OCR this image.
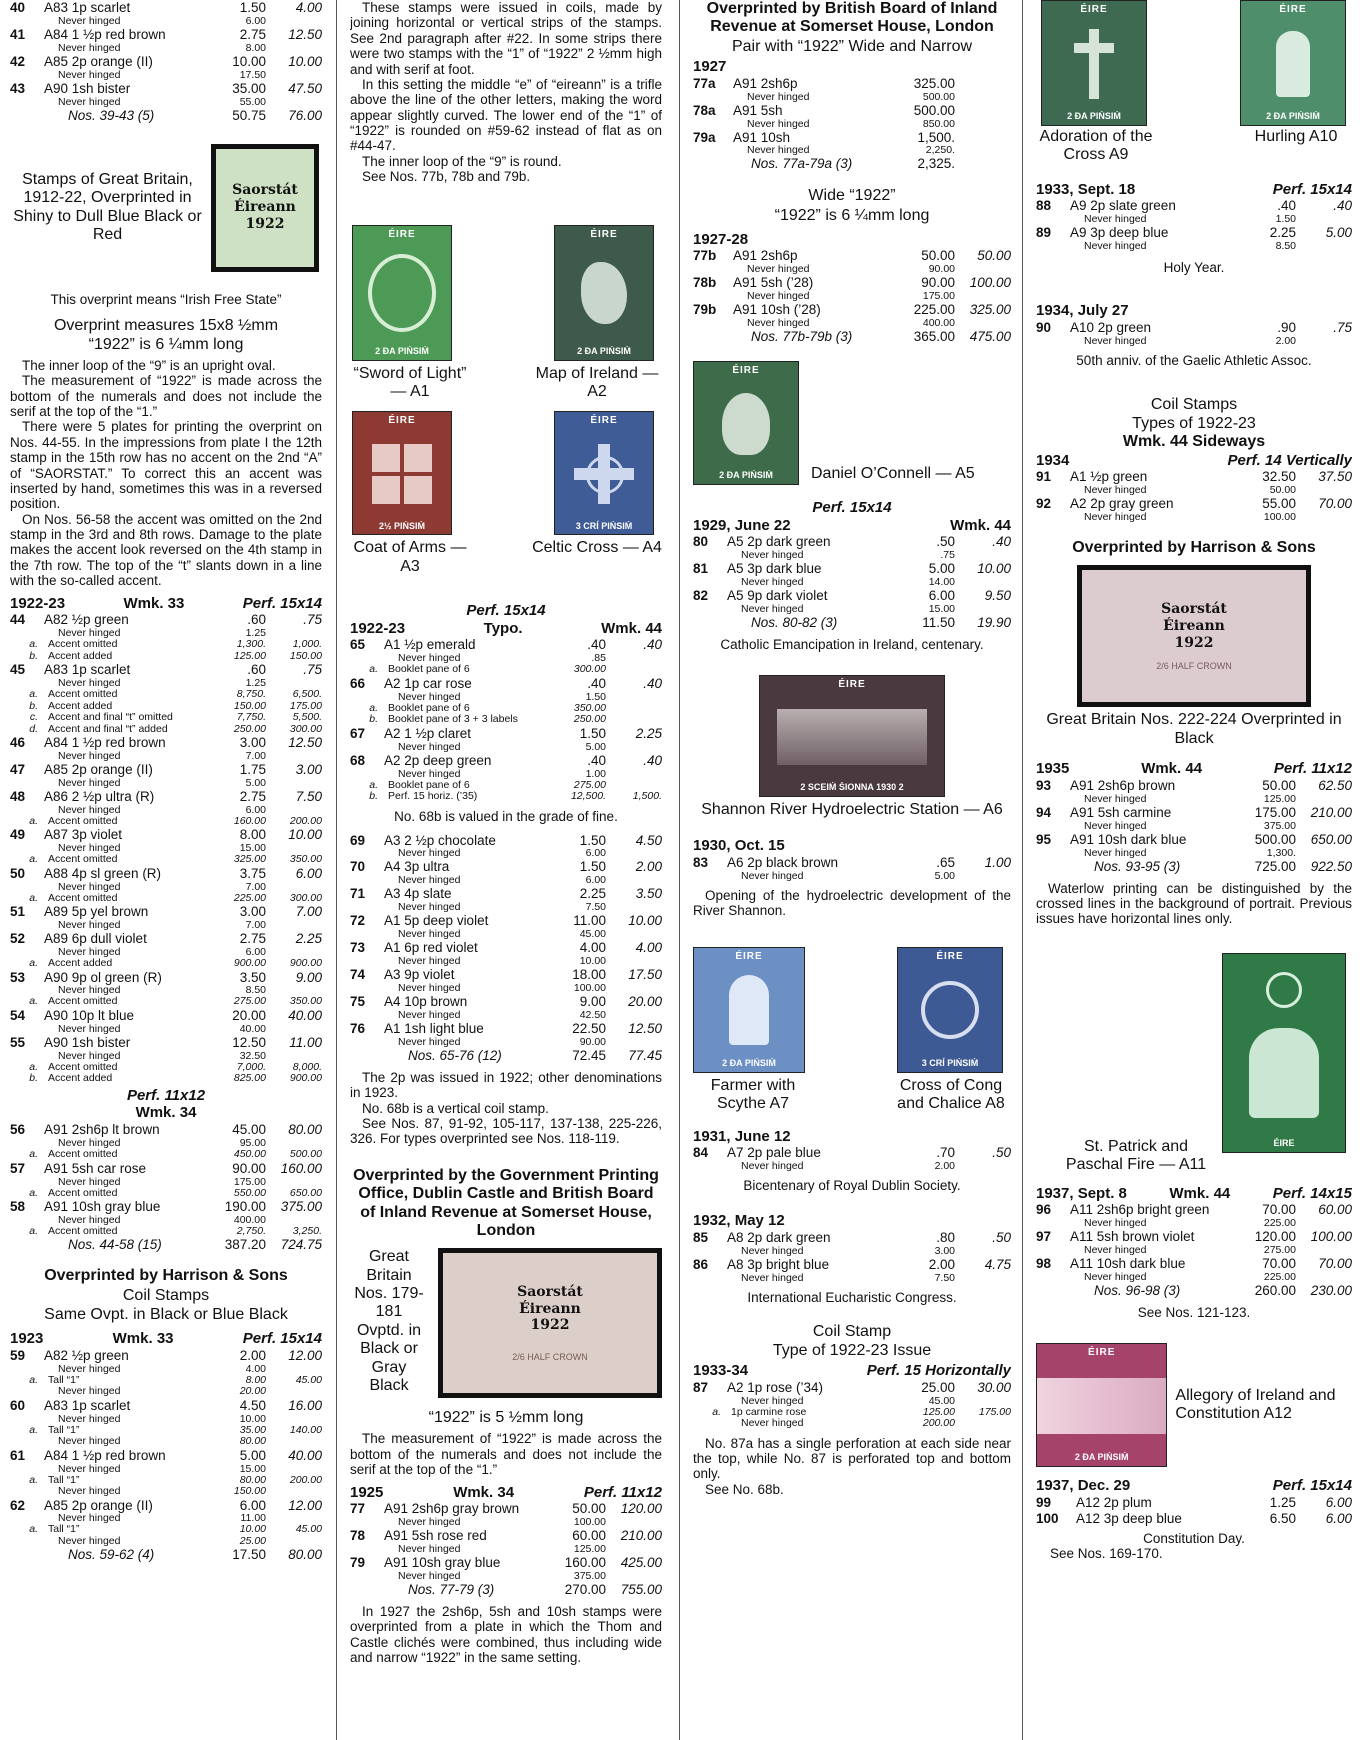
40	A83 1p scarlet	1.50	4.00
	Never hinged	6.00	
41	A84 1 ½p red brown	2.75	12.50
	Never hinged	8.00	
42	A85 2p orange (II)	10.00	10.00
	Never hinged	17.50	
43	A90 1sh bister	35.00	47.50
	Never hinged	55.00	
	Nos. 39-43 (5)	50.75	76.00
Stamps of Great Britain, 1912-22, Overprinted in Shiny to Dull Blue Black or Red
Saorstát
Éireann
1922
This overprint means “Irish Free State”
Overprint measures 15x8 ½mm
“1922” is 6 ¼mm long

The inner loop of the “9” is an upright oval.

The measurement of “1922” is made across the bottom of the numerals and does not include the serif at the top of the “1.”

There were 5 plates for printing the overprint on Nos. 44-55. In the impressions from plate I the 12th stamp in the 15th row has no accent on the 2nd “A” of “SAORSTAT.” To correct this an accent was inserted by hand, sometimes this was in a reversed position.

On Nos. 56-58 the accent was omitted on the 2nd stamp in the 3rd and 8th rows. Damage to the plate makes the accent look reversed on the 4th stamp in the 7th row. The top of the “t” slants down in a line with the so-called accent.

1922-23	Wmk. 33	Perf. 15x14
44	A82 ½p green	.60	.75
	Never hinged	1.25	
a.	Accent omitted	1,300.	1,000.
b.	Accent added	125.00	150.00
45	A83 1p scarlet	.60	.75
	Never hinged	1.25	
a.	Accent omitted	8,750.	6,500.
b.	Accent added	150.00	175.00
c.	Accent and final “t” omitted	7,750.	5,500.
d.	Accent and final “t” added	250.00	300.00
46	A84 1 ½p red brown	3.00	12.50
	Never hinged	7.00	
47	A85 2p orange (II)	1.75	3.00
	Never hinged	5.00	
48	A86 2 ½p ultra (R)	2.75	7.50
	Never hinged	6.00	
a.	Accent omitted	160.00	200.00
49	A87 3p violet	8.00	10.00
	Never hinged	15.00	
a.	Accent omitted	325.00	350.00
50	A88 4p sl green (R)	3.75	6.00
	Never hinged	7.00	
a.	Accent omitted	225.00	300.00
51	A89 5p yel brown	3.00	7.00
	Never hinged	7.00	
52	A89 6p dull violet	2.75	2.25
	Never hinged	6.00	
a.	Accent added	900.00	900.00
53	A90 9p ol green (R)	3.50	9.00
	Never hinged	8.50	
a.	Accent omitted	275.00	350.00
54	A90 10p lt blue	20.00	40.00
	Never hinged	40.00	
55	A90 1sh bister	12.50	11.00
	Never hinged	32.50	
a.	Accent omitted	7,000.	8,000.
b.	Accent added	825.00	900.00
Perf. 11x12
Wmk. 34
56	A91 2sh6p lt brown	45.00	80.00
	Never hinged	95.00	
a.	Accent omitted	450.00	500.00
57	A91 5sh car rose	90.00	160.00
	Never hinged	175.00	
a.	Accent omitted	550.00	650.00
58	A91 10sh gray blue	190.00	375.00
	Never hinged	400.00	
a.	Accent omitted	2,750.	3,250.
	Nos. 44-58 (15)	387.20	724.75
Overprinted by Harrison & Sons
Coil Stamps
Same Ovpt. in Black or Blue Black
1923	Wmk. 33	Perf. 15x14
59	A82 ½p green	2.00	12.00
	Never hinged	4.00	
a.	Tall “1”	8.00	45.00
	Never hinged	20.00	
60	A83 1p scarlet	4.50	16.00
	Never hinged	10.00	
a.	Tall “1”	35.00	140.00
	Never hinged	80.00	
61	A84 1 ½p red brown	5.00	40.00
	Never hinged	15.00	
a.	Tall “1”	80.00	200.00
	Never hinged	150.00	
62	A85 2p orange (II)	6.00	12.00
	Never hinged	11.00	
a.	Tall “1”	10.00	45.00
	Never hinged	25.00	
	Nos. 59-62 (4)	17.50	80.00

These stamps were issued in coils, made by joining horizontal or vertical strips of the stamps. See 2nd paragraph after #22. In some strips there were two stamps with the “1” of “1922” 2 ½mm high and with serif at foot.

In this setting the middle “e” of “eireann” is a trifle above the line of the other letters, making the word appear slightly curved. The lower end of the “1” of “1922” is rounded on #59-62 instead of flat as on #44-47.

The inner loop of the “9” is round.

See Nos. 77b, 78b and 79b.

ÉIRE
2 ÐA PIṄSIṀ
“Sword of Light” — A1
ÉIRE
2 ÐA PIṄSIṀ
Map of Ireland — A2
ÉIRE
2½ PIṄSIṀ
Coat of Arms — A3
ÉIRE
3 CRÍ PIṄSIṀ
Celtic Cross — A4
Perf. 15x14
1922-23	Typo.	Wmk. 44
65	A1 ½p emerald	.40	.40
	Never hinged	.85	
a.	Booklet pane of 6	300.00	
66	A2 1p car rose	.40	.40
	Never hinged	1.50	
a.	Booklet pane of 6	350.00	
b.	Booklet pane of 3 + 3 labels	250.00	
67	A2 1 ½p claret	1.50	2.25
	Never hinged	5.00	
68	A2 2p deep green	.40	.40
	Never hinged	1.00	
a.	Booklet pane of 6	275.00	
b.	Perf. 15 horiz. (’35)	12,500.	1,500.
No. 68b is valued in the grade of fine.
69	A3 2 ½p chocolate	1.50	4.50
	Never hinged	6.00	
70	A4 3p ultra	1.50	2.00
	Never hinged	6.00	
71	A3 4p slate	2.25	3.50
	Never hinged	7.50	
72	A1 5p deep violet	11.00	10.00
	Never hinged	45.00	
73	A1 6p red violet	4.00	4.00
	Never hinged	10.00	
74	A3 9p violet	18.00	17.50
	Never hinged	100.00	
75	A4 10p brown	9.00	20.00
	Never hinged	42.50	
76	A1 1sh light blue	22.50	12.50
	Never hinged	90.00	
	Nos. 65-76 (12)	72.45	77.45

The 2p was issued in 1922; other denominations in 1923.

No. 68b is a vertical coil stamp.

See Nos. 87, 91-92, 105-117, 137-138, 225-226, 326. For types overprinted see Nos. 118-119.

Overprinted by the Government Printing Office, Dublin Castle and British Board of Inland Revenue at Somerset House, London
Great Britain Nos. 179-181 Ovptd. in Black or Gray Black
Saorstát
Éireann
1922
2/6 HALF CROWN
“1922” is 5 ½mm long

The measurement of “1922” is made across the bottom of the numerals and does not include the serif at the top of the “1.”

1925	Wmk. 34	Perf. 11x12
77	A91 2sh6p gray brown	50.00	120.00
	Never hinged	100.00	
78	A91 5sh rose red	60.00	210.00
	Never hinged	125.00	
79	A91 10sh gray blue	160.00	425.00
	Never hinged	375.00	
	Nos. 77-79 (3)	270.00	755.00

In 1927 the 2sh6p, 5sh and 10sh stamps were overprinted from a plate in which the Thom and Castle clichés were combined, thus including wide and narrow “1922” in the same setting.

Overprinted by British Board of Inland Revenue at Somerset House, London
Pair with “1922” Wide and Narrow
1927
77a	A91 2sh6p	325.00	
	Never hinged	500.00	
78a	A91 5sh	500.00	
	Never hinged	850.00	
79a	A91 10sh	1,500.	
	Never hinged	2,250.	
	Nos. 77a-79a (3)	2,325.	
Wide “1922”
“1922” is 6 ¼mm long
1927-28
77b	A91 2sh6p	50.00	50.00
	Never hinged	90.00	
78b	A91 5sh (’28)	90.00	100.00
	Never hinged	175.00	
79b	A91 10sh (’28)	225.00	325.00
	Never hinged	400.00	
	Nos. 77b-79b (3)	365.00	475.00
ÉIRE
2 ÐA PIṄSIṀ Daniel O’Connell — A5
Perf. 15x14
1929, June 22	Wmk. 44
80	A5 2p dark green	.50	.40
	Never hinged	.75	
81	A5 3p dark blue	5.00	10.00
	Never hinged	14.00	
82	A5 9p dark violet	6.00	9.50
	Never hinged	15.00	
	Nos. 80-82 (3)	11.50	19.90
Catholic Emancipation in Ireland, centenary.
ÉIRE
2 SCEIṀ ṠIONNA 1930 2
Shannon River Hydroelectric Station — A6
1930, Oct. 15
83	A6 2p black brown	.65	1.00
	Never hinged	5.00	

Opening of the hydroelectric development of the River Shannon.

ÉIRE
2 ÐA PIṄSIṀ
Farmer with Scythe A7
ÉIRE
3 CRÍ PIṄSIṀ
Cross of Cong and Chalice A8
1931, June 12
84	A7 2p pale blue	.70	.50
	Never hinged	2.00	
Bicentenary of Royal Dublin Society.
1932, May 12
85	A8 2p dark green	.80	.50
	Never hinged	3.00	
86	A8 3p bright blue	2.00	4.75
	Never hinged	7.50	
International Eucharistic Congress.
Coil Stamp
Type of 1922-23 Issue
1933-34	Perf. 15 Horizontally
87	A2 1p rose (’34)	25.00	30.00
	Never hinged	45.00	
a.	1p carmine rose	125.00	175.00
	Never hinged	200.00	

No. 87a has a single perforation at each side near the top, while No. 87 is perforated top and bottom only.

See No. 68b.

ÉIRE
2 ÐA PIṄSIṀ
Adoration of the Cross A9
ÉIRE
2 ÐA PIṄSIṀ
Hurling A10
1933, Sept. 18	Perf. 15x14
88	A9 2p slate green	.40	.40
	Never hinged	1.50	
89	A9 3p deep blue	2.25	5.00
	Never hinged	8.50	
Holy Year.
1934, July 27
90	A10 2p green	.90	.75
	Never hinged	2.00	
50th anniv. of the Gaelic Athletic Assoc.
Coil Stamps
Types of 1922-23
Wmk. 44 Sideways
1934	Perf. 14 Vertically
91	A1 ½p green	32.50	37.50
	Never hinged	50.00	
92	A2 2p gray green	55.00	70.00
	Never hinged	100.00	
Overprinted by Harrison & Sons
Saorstát
Éireann
1922
2/6 HALF CROWN
Great Britain Nos. 222-224 Overprinted in Black
1935	Wmk. 44	Perf. 11x12
93	A91 2sh6p brown	50.00	62.50
	Never hinged	125.00	
94	A91 5sh carmine	175.00	210.00
	Never hinged	375.00	
95	A91 10sh dark blue	500.00	650.00
	Never hinged	1,300.	
	Nos. 93-95 (3)	725.00	922.50

Waterlow printing can be distinguished by the crossed lines in the background of portrait. Previous issues have horizontal lines only.

St. Patrick and Paschal Fire — A11
ÉIRE
1937, Sept. 8	Wmk. 44	Perf. 14x15
96	A11 2sh6p bright green	70.00	60.00
	Never hinged	225.00	
97	A11 5sh brown violet	120.00	100.00
	Never hinged	275.00	
98	A11 10sh dark blue	70.00	70.00
	Never hinged	225.00	
	Nos. 96-98 (3)	260.00	230.00
See Nos. 121-123.
ÉIRE
2 ÐA PIṄSIṀ
Allegory of Ireland and Constitution A12
1937, Dec. 29	Perf. 15x14
99	A12 2p plum	1.25	6.00
100	A12 3p deep blue	6.50	6.00
Constitution Day.
See Nos. 169-170.
